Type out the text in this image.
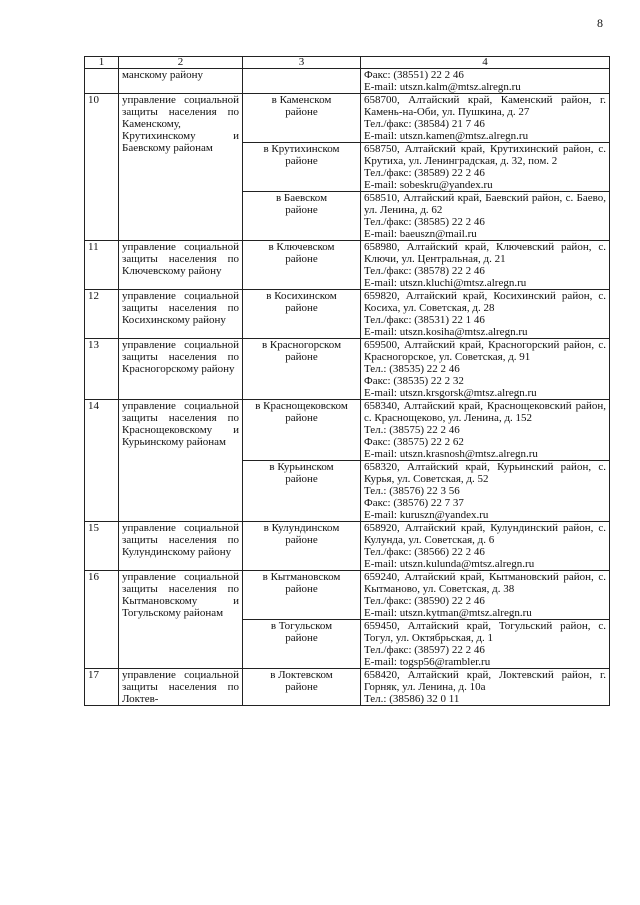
8
1	2	3	4

	манскому району		Факс: (38551) 22 2 46
E-mail: utszn.kalm@mtsz.alregn.ru

10	управление социальной защиты населения по Каменскому, Крутихинскому и Баевскому районам	в Каменском
районе	658700, Алтайский край, Каменский район, г. Камень-на-Оби, ул. Пушкина, д. 27
Тел./факс: (38584) 21 7 46
E-mail: utszn.kamen@mtsz.alregn.ru

		в Крутихинском
районе	658750, Алтайский край, Крутихинский район, с. Крутиха, ул. Ленинградская, д. 32, пом. 2
Тел./факс: (38589) 22 2 46
E-mail: sobeskru@yandex.ru

		в Баевском
районе	658510, Алтайский край, Баевский район, с. Баево, ул. Ленина, д. 62
Тел./факс: (38585) 22 2 46
E-mail: baeuszn@mail.ru

11	управление социальной защиты населения по Ключевскому району	в Ключевском
районе	658980, Алтайский край, Ключевский район, с. Ключи, ул. Центральная, д. 21
Тел./факс: (38578) 22 2 46
E-mail: utszn.kluchi@mtsz.alregn.ru

12	управление социальной защиты населения по Косихинскому району	в Косихинском
районе	659820, Алтайский край, Косихинский район, с. Косиха, ул. Советская, д. 28
Тел./факс: (38531) 22 1 46
E-mail: utszn.kosiha@mtsz.alregn.ru

13	управление социальной защиты населения по Красногорскому району	в Красногорском
районе	659500, Алтайский край, Красногорский район, с. Красногорское, ул. Советская, д. 91
Тел.: (38535) 22 2 46
Факс: (38535) 22 2 32
E-mail: utszn.krsgorsk@mtsz.alregn.ru

14	управление социальной защиты населения по Краснощековскому и Курьинскому районам	в Краснощековском
районе	658340, Алтайский край, Краснощековский район, с. Краснощеково, ул. Ленина, д. 152
Тел.: (38575) 22 2 46
Факс: (38575) 22 2 62
E-mail: utszn.krasnosh@mtsz.alregn.ru

		в Курьинском
районе	658320, Алтайский край, Курьинский район, с. Курья, ул. Советская, д. 52
Тел.: (38576) 22 3 56
Факс: (38576) 22 7 37
E-mail: kuruszn@yandex.ru

15	управление социальной защиты населения по Кулундинскому району	в Кулундинском
районе	658920, Алтайский край, Кулундинский район, с. Кулунда, ул. Советская, д. 6
Тел./факс: (38566) 22 2 46
E-mail: utszn.kulunda@mtsz.alregn.ru

16	управление социальной защиты населения по Кытмановскому и Тогульскому районам	в Кытмановском
районе	659240, Алтайский край, Кытмановский район, с. Кытманово, ул. Советская, д. 38
Тел./факс: (38590) 22 2 46
E-mail: utszn.kytman@mtsz.alregn.ru

		в Тогульском
районе	659450, Алтайский край, Тогульский район, с. Тогул, ул. Октябрьская, д. 1
Тел./факс: (38597) 22 2 46
E-mail: togsp56@rambler.ru

17	управление социальной защиты населения по Локтев-	в Локтевском
районе	658420, Алтайский край, Локтевский район, г. Горняк, ул. Ленина, д. 10а
Тел.: (38586) 32 0 11
